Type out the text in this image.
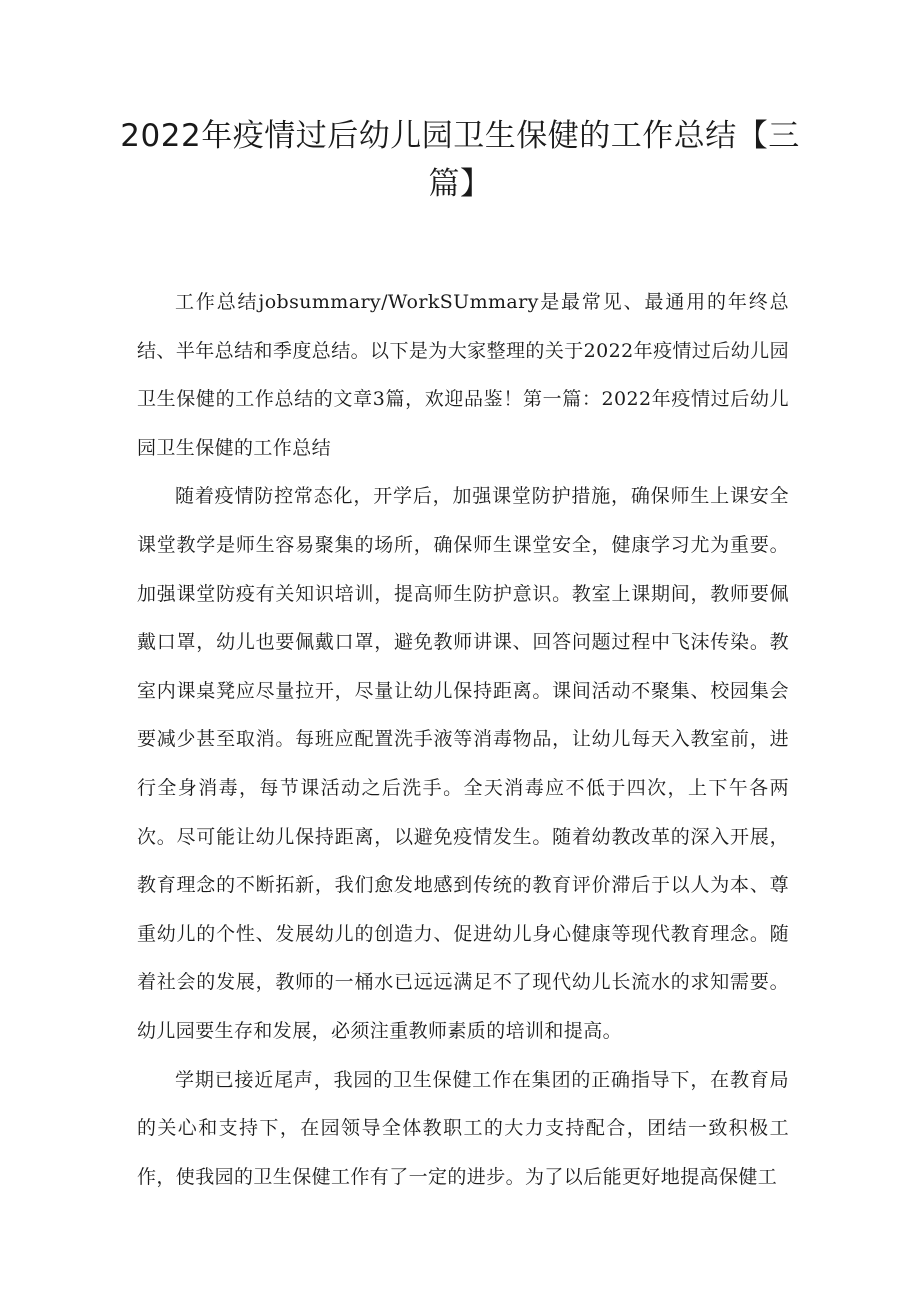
2022年疫情过后幼儿园卫生保健的工作总结【三篇】

工作总结jobsummary/WorkSUmmary是最常见、最通用的年终总结、半年总结和季度总结。以下是为大家整理的关于2022年疫情过后幼儿园卫生保健的工作总结的文章3篇，欢迎品鉴！第一篇：2022年疫情过后幼儿园卫生保健的工作总结

随着疫情防控常态化，开学后，加强课堂防护措施，确保师生上课安全课堂教学是师生容易聚集的场所，确保师生课堂安全，健康学习尤为重要。加强课堂防疫有关知识培训，提高师生防护意识。教室上课期间，教师要佩戴口罩，幼儿也要佩戴口罩，避免教师讲课、回答问题过程中飞沫传染。教室内课桌凳应尽量拉开，尽量让幼儿保持距离。课间活动不聚集、校园集会要减少甚至取消。每班应配置洗手液等消毒物品，让幼儿每天入教室前，进行全身消毒，每节课活动之后洗手。全天消毒应不低于四次，上下午各两次。尽可能让幼儿保持距离，以避免疫情发生。随着幼教改革的深入开展，教育理念的不断拓新，我们愈发地感到传统的教育评价滞后于以人为本、尊重幼儿的个性、发展幼儿的创造力、促进幼儿身心健康等现代教育理念。随着社会的发展，教师的一桶水已远远满足不了现代幼儿长流水的求知需要。幼儿园要生存和发展，必须注重教师素质的培训和提高。

学期已接近尾声，我园的卫生保健工作在集团的正确指导下，在教育局的关心和支持下，在园领导全体教职工的大力支持配合，团结一致积极工作，使我园的卫生保健工作有了一定的进步。为了以后能更好地提高保健工
